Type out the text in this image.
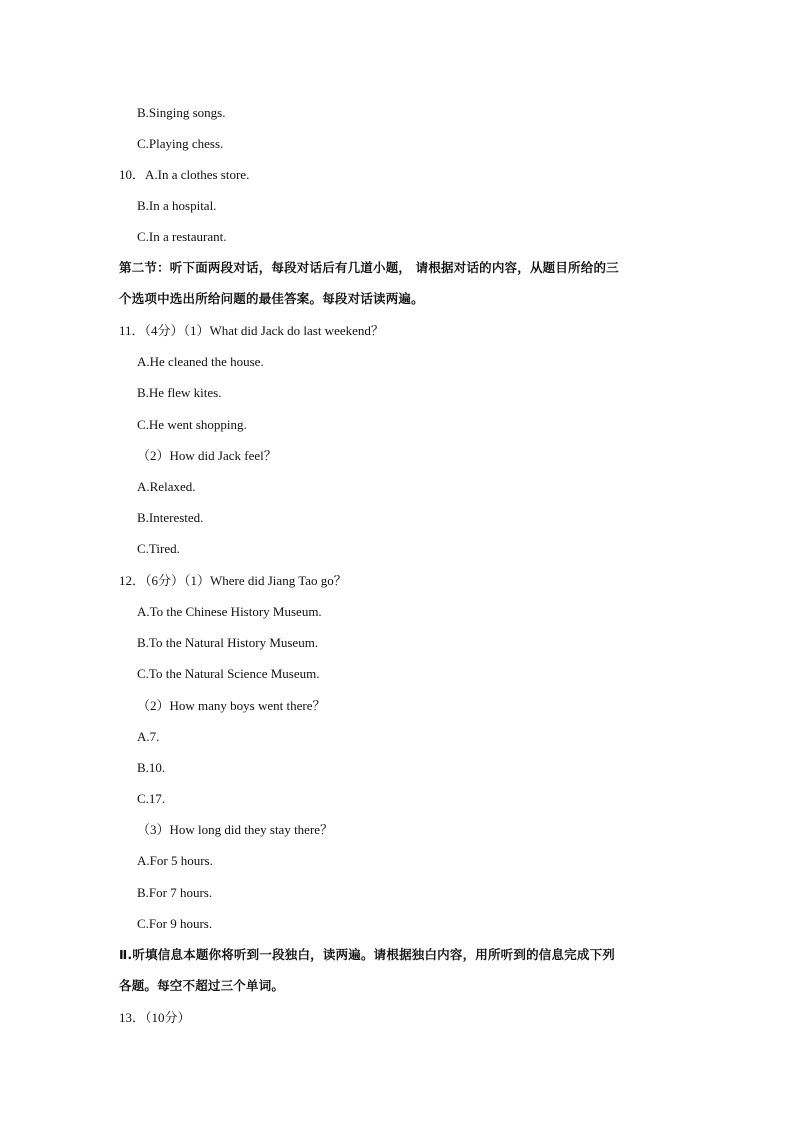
B.Singing songs.
C.Playing chess.
10．A.In a clothes store.
B.In a hospital.
C.In a restaurant.
第二节：听下面两段对话，每段对话后有几道小题， 请根据对话的内容，从题目所给的三
个选项中选出所给问题的最佳答案。每段对话读两遍。
11．（4分）（1）What did Jack do last weekend？
A.He cleaned the house.
B.He flew kites.
C.He went shopping.
（2）How did Jack feel？
A.Relaxed.
B.Interested.
C.Tired.
12．（6分）（1）Where did Jiang Tao go？
A.To the Chinese History Museum.
B.To the Natural History Museum.
C.To the Natural Science Museum.
（2）How many boys went there？
A.7.
B.10.
C.17.
（3）How long did they stay there？
A.For 5 hours.
B.For 7 hours.
C.For 9 hours.
Ⅱ.听填信息本题你将听到一段独白，读两遍。请根据独白内容，用所听到的信息完成下列
各题。每空不超过三个单词。
13．（10分）
